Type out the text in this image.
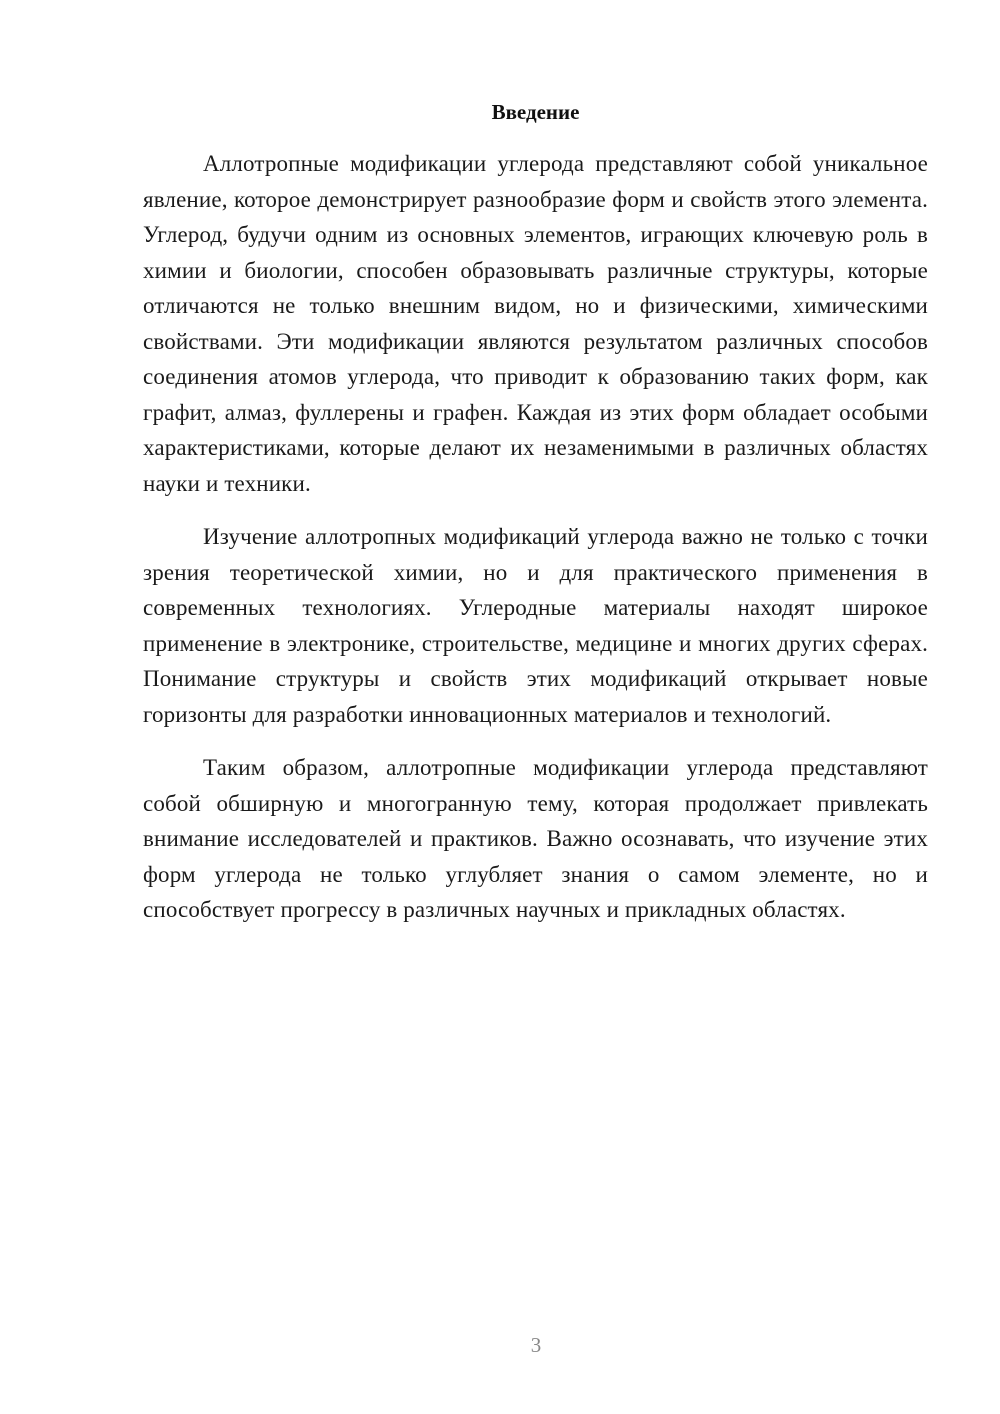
Введение

Аллотропные модификации углерода представляют собой уникальное явление, которое демонстрирует разнообразие форм и свойств этого элемента. Углерод, будучи одним из основных элементов, играющих ключевую роль в химии и биологии, способен образовывать различные структуры, которые отличаются не только внешним видом, но и физическими, химическими свойствами. Эти модификации являются результатом различных способов соединения атомов углерода, что приводит к образованию таких форм, как графит, алмаз, фуллерены и графен. Каждая из этих форм обладает особыми характеристиками, которые делают их незаменимыми в различных областях науки и техники.

Изучение аллотропных модификаций углерода важно не только с точки зрения теоретической химии, но и для практического применения в современных технологиях. Углеродные материалы находят широкое применение в электронике, строительстве, медицине и многих других сферах. Понимание структуры и свойств этих модификаций открывает новые горизонты для разработки инновационных материалов и технологий.

Таким образом, аллотропные модификации углерода представляют собой обширную и многогранную тему, которая продолжает привлекать внимание исследователей и практиков. Важно осознавать, что изучение этих форм углерода не только углубляет знания о самом элементе, но и способствует прогрессу в различных научных и прикладных областях.

3
